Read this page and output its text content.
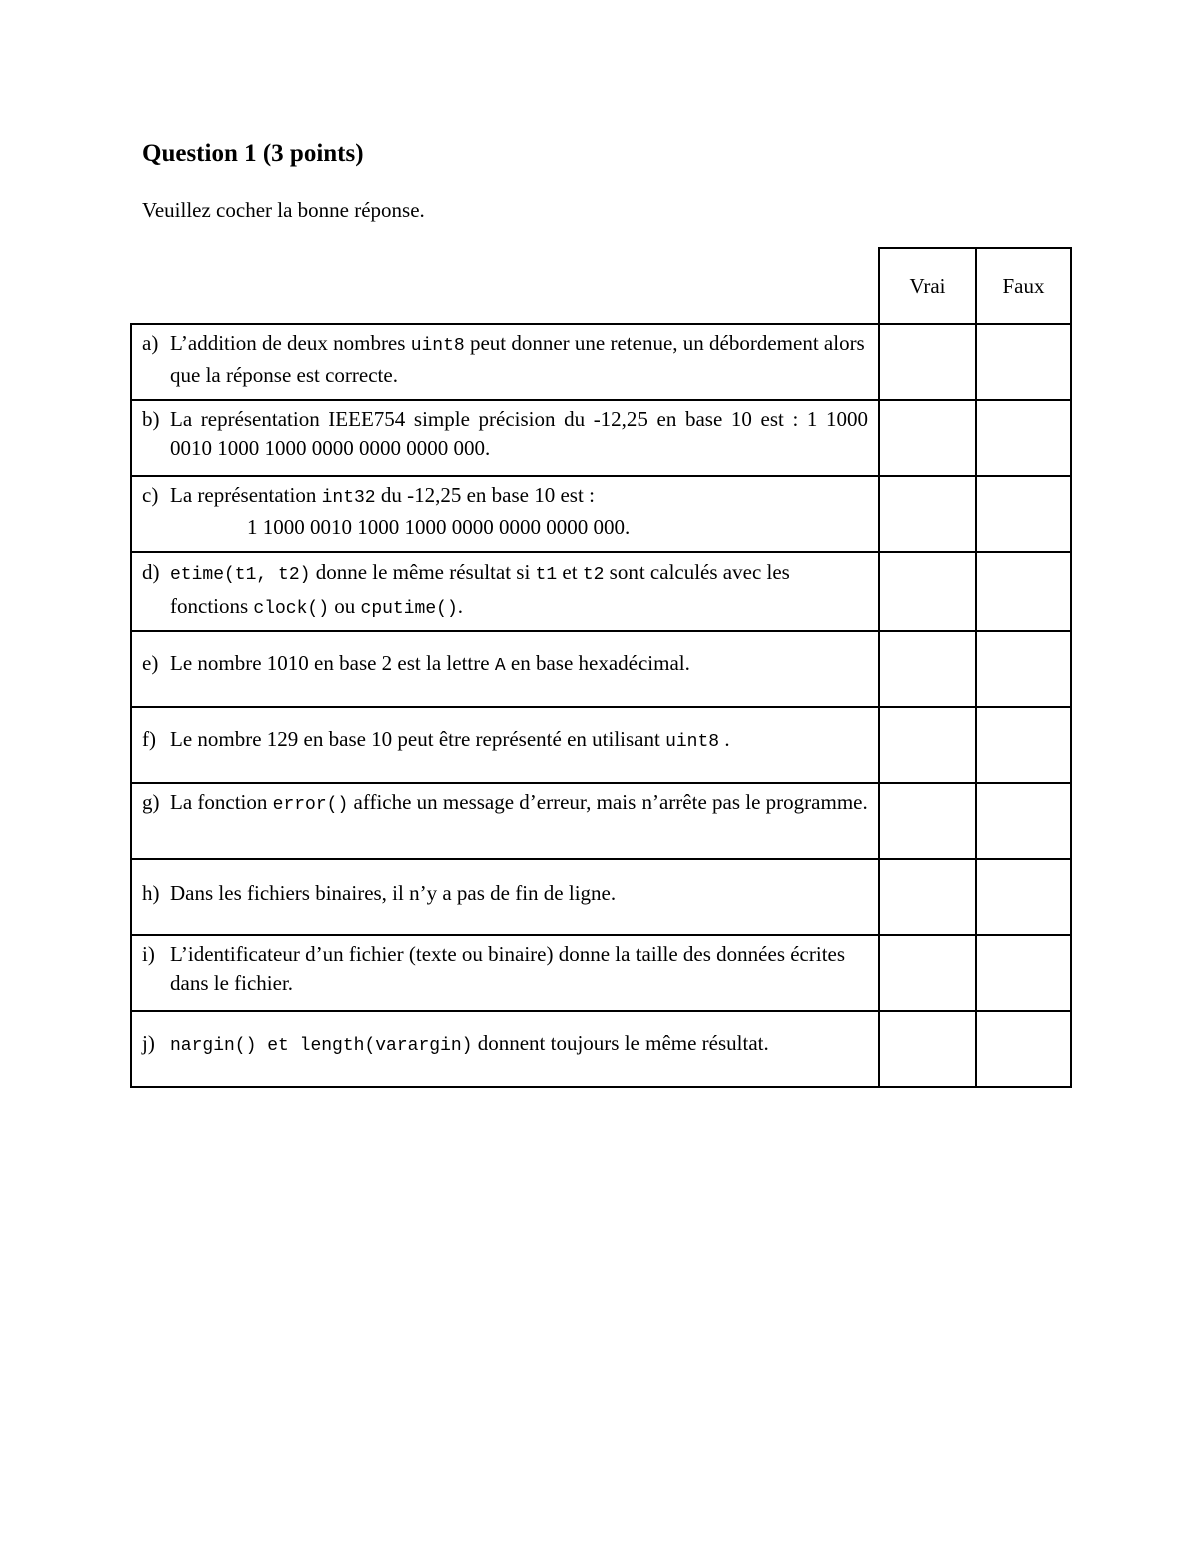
Question 1 (3 points)

Veuillez cocher la bonne réponse.

	Vrai	Faux

a) L’addition de deux nombres uint8 peut donner une retenue, un débordement alors que la réponse est correcte.		

b) La représentation IEEE754 simple précision du -12,25 en base 10 est : 1 1000 0010 1000 1000 0000 0000 0000 000.		

c) La représentation int32 du -12,25 en base 10 est :
1 1000 0010 1000 1000 0000 0000 0000 000.		

d) etime(t1, t2) donne le même résultat si t1 et t2 sont calculés avec les fonctions clock() ou cputime().		

e) Le nombre 1010 en base 2 est la lettre A en base hexadécimal.		

f) Le nombre 129 en base 10 peut être représenté en utilisant uint8 .		

g) La fonction error() affiche un message d’erreur, mais n’arrête pas le programme.		

h) Dans les fichiers binaires, il n’y a pas de fin de ligne.		

i) L’identificateur d’un fichier (texte ou binaire) donne la taille des données écrites dans le fichier.		

j) nargin() et length(varargin) donnent toujours le même résultat.		
